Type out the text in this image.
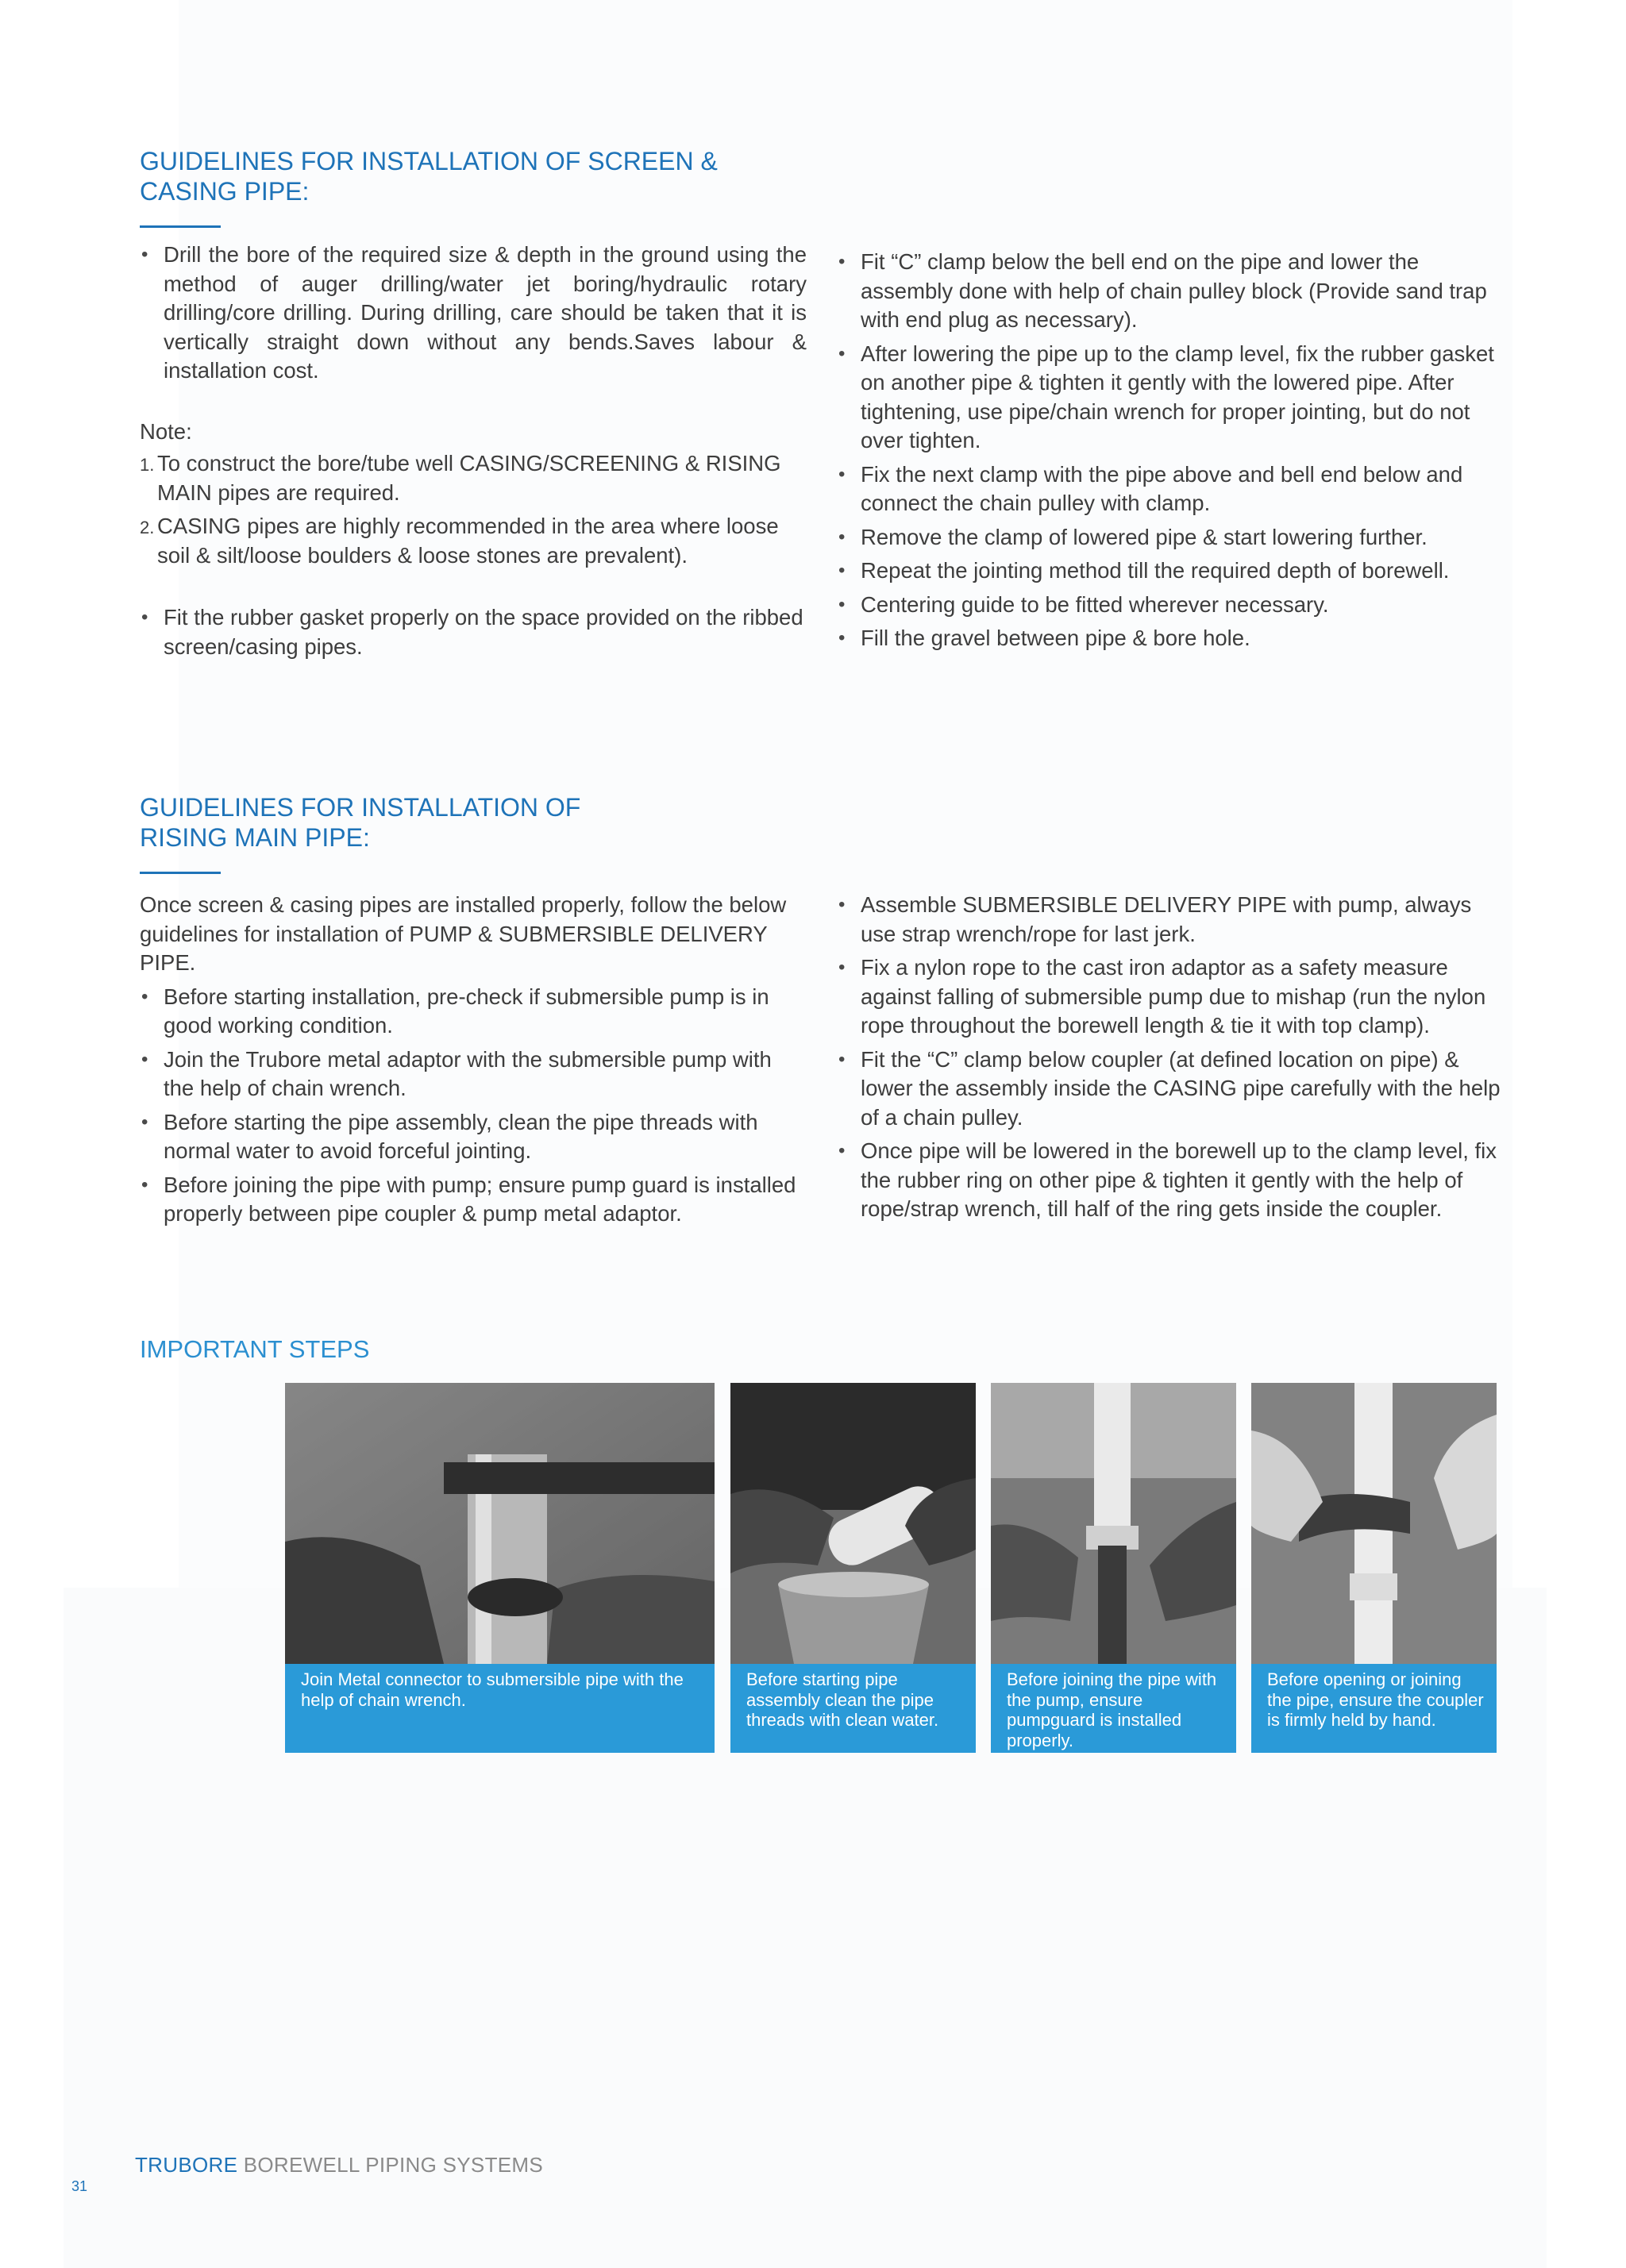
GUIDELINES FOR INSTALLATION OF SCREEN &
CASING PIPE:
• Drill the bore of the required size & depth in the ground using the method of auger drilling/water jet boring/hydraulic rotary drilling/core drilling. During drilling, care should be taken that it is vertically straight down without any bends.Saves labour & installation cost.

Note:

1. To construct the bore/tube well CASING/SCREENING & RISING MAIN pipes are required.
2. CASING pipes are highly recommended in the area where loose soil & silt/loose boulders & loose stones are prevalent).
• Fit the rubber gasket properly on the space provided on the ribbed screen/casing pipes.
• Fit “C” clamp below the bell end on the pipe and lower the assembly done with help of chain pulley block (Provide sand trap with end plug as necessary).
• After lowering the pipe up to the clamp level, fix the rubber gasket on another pipe & tighten it gently with the lowered pipe. After tightening, use pipe/chain wrench for proper jointing, but do not over tighten.
• Fix the next clamp with the pipe above and bell end below and connect the chain pulley with clamp.
• Remove the clamp of lowered pipe & start lowering further.
• Repeat the jointing method till the required depth of borewell.
• Centering guide to be fitted wherever necessary.
• Fill the gravel between pipe & bore hole.
GUIDELINES FOR INSTALLATION OF
RISING MAIN PIPE:

Once screen & casing pipes are installed properly, follow the below guidelines for installation of PUMP & SUBMERSIBLE DELIVERY PIPE.

• Before starting installation, pre-check if submersible pump is in good working condition.
• Join the Trubore metal adaptor with the submersible pump with the help of chain wrench.
• Before starting the pipe assembly, clean the pipe threads with normal water to avoid forceful jointing.
• Before joining the pipe with pump; ensure pump guard is installed properly between pipe coupler & pump metal adaptor.
• Assemble SUBMERSIBLE DELIVERY PIPE with pump, always use strap wrench/rope for last jerk.
• Fix a nylon rope to the cast iron adaptor as a safety measure against falling of submersible pump due to mishap (run the nylon rope throughout the borewell length & tie it with top clamp).
• Fit the “C” clamp below coupler (at defined location on pipe) & lower the assembly inside the CASING pipe carefully with the help of a chain pulley.
• Once pipe will be lowered in the borewell up to the clamp level, fix the rubber ring on other pipe & tighten it gently with the help of rope/strap wrench, till half of the ring gets inside the coupler.
IMPORTANT STEPS
Join Metal connector to submersible pipe with the help of chain wrench.
Before starting pipe assembly clean the pipe threads with clean water.
Before joining the pipe with the pump, ensure pumpguard is installed properly.
Before opening or joining the pipe, ensure the coupler is firmly held by hand.
TRUBORE BOREWELL PIPING SYSTEMS
31
